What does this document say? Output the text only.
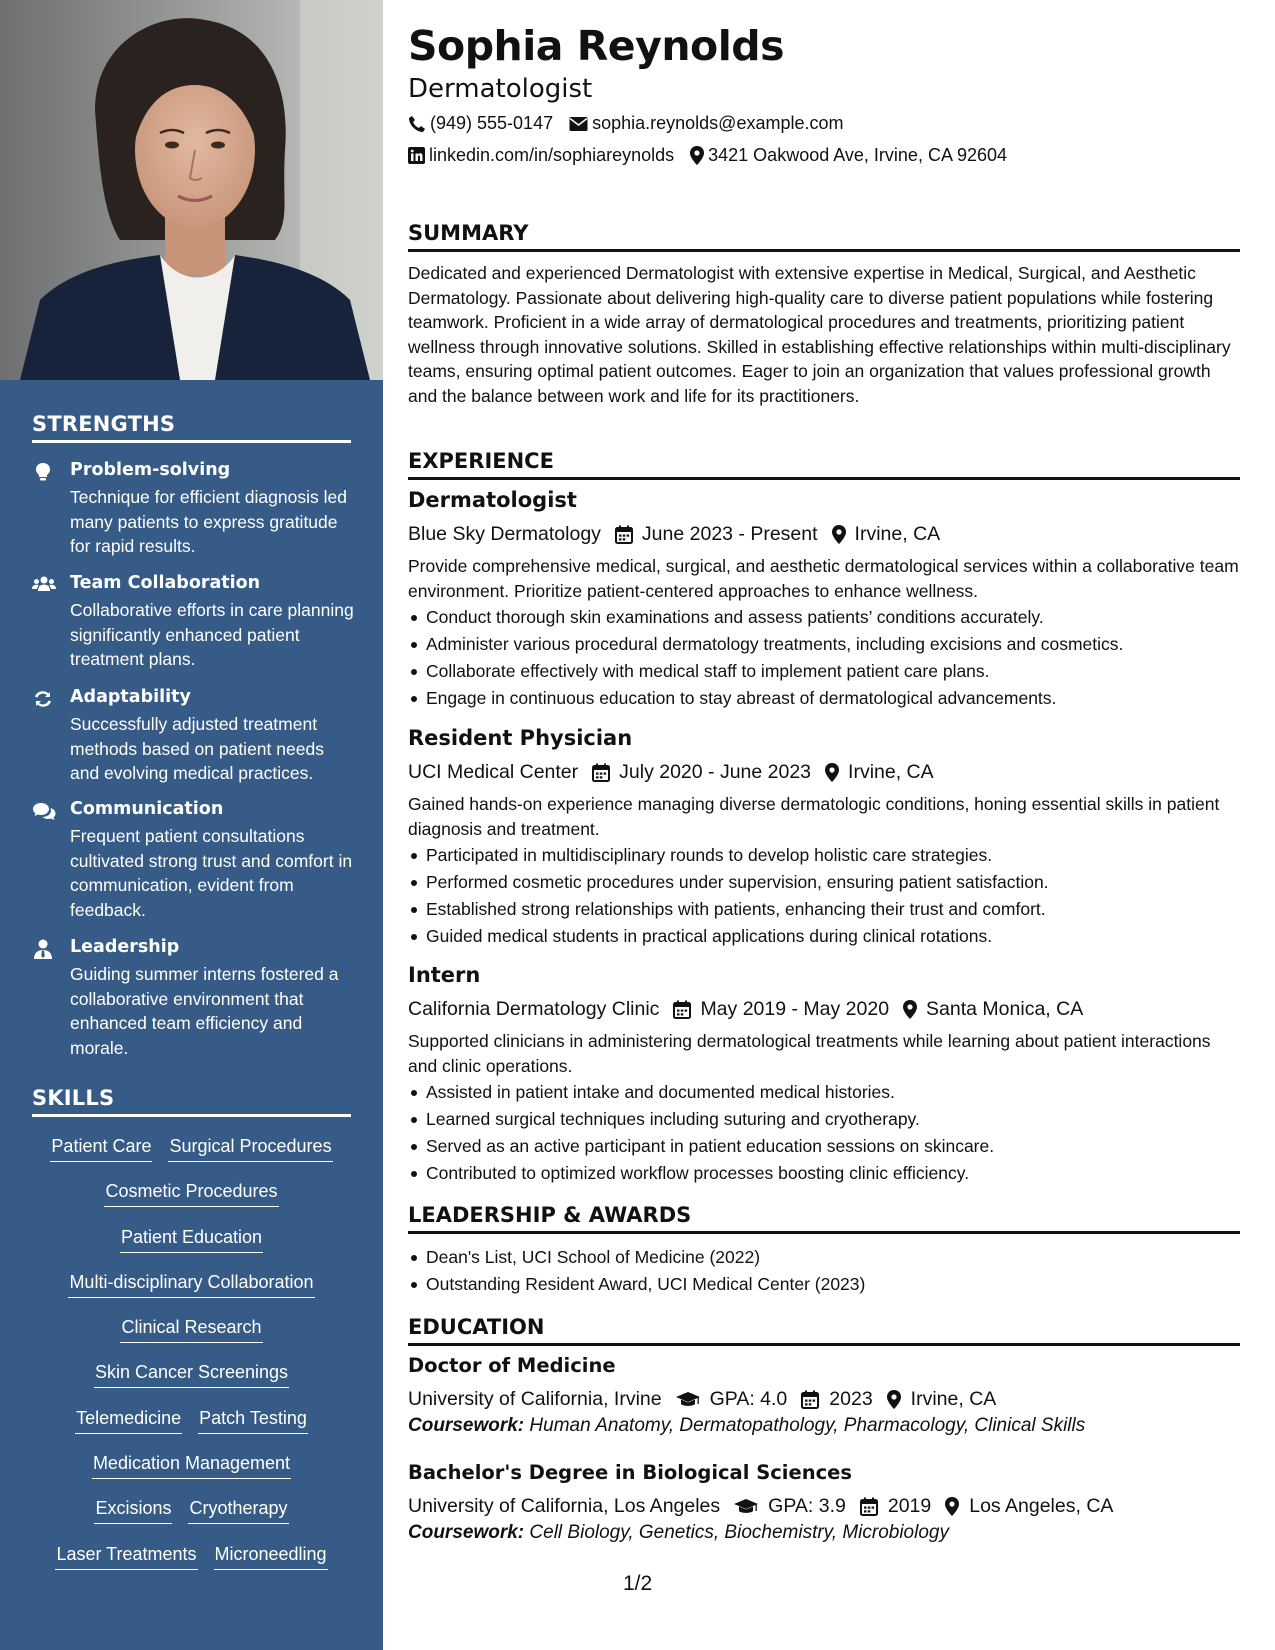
STRENGTHS
Problem-solving
Technique for efficient diagnosis led many patients to express gratitude for rapid results.
Team Collaboration
Collaborative efforts in care planning significantly enhanced patient treatment plans.
Adaptability
Successfully adjusted treatment methods based on patient needs and evolving medical practices.
Communication
Frequent patient consultations cultivated strong trust and comfort in communication, evident from feedback.
Leadership
Guiding summer interns fostered a collaborative environment that enhanced team efficiency and morale.
SKILLS
Patient Care Surgical Procedures
Cosmetic Procedures
Patient Education
Multi-disciplinary Collaboration
Clinical Research
Skin Cancer Screenings
Telemedicine Patch Testing
Medication Management
Excisions Cryotherapy
Laser Treatments Microneedling
Sophia Reynolds
Dermatologist
(949) 555-0147 sophia.reynolds@example.com
linkedin.com/in/sophiareynolds 3421 Oakwood Ave, Irvine, CA 92604
SUMMARY
Dedicated and experienced Dermatologist with extensive expertise in Medical, Surgical, and Aesthetic Dermatology. Passionate about delivering high-quality care to diverse patient populations while fostering teamwork. Proficient in a wide array of dermatological procedures and treatments, prioritizing patient wellness through innovative solutions. Skilled in establishing effective relationships within multi-disciplinary teams, ensuring optimal patient outcomes. Eager to join an organization that values professional growth and the balance between work and life for its practitioners.
EXPERIENCE
Dermatologist
Blue Sky Dermatology June 2023 - Present Irvine, CA
Provide comprehensive medical, surgical, and aesthetic dermatological services within a collaborative team environment. Prioritize patient-centered approaches to enhance wellness.
Conduct thorough skin examinations and assess patients’ conditions accurately.
Administer various procedural dermatology treatments, including excisions and cosmetics.
Collaborate effectively with medical staff to implement patient care plans.
Engage in continuous education to stay abreast of dermatological advancements.
Resident Physician
UCI Medical Center July 2020 - June 2023 Irvine, CA
Gained hands-on experience managing diverse dermatologic conditions, honing essential skills in patient diagnosis and treatment.
Participated in multidisciplinary rounds to develop holistic care strategies.
Performed cosmetic procedures under supervision, ensuring patient satisfaction.
Established strong relationships with patients, enhancing their trust and comfort.
Guided medical students in practical applications during clinical rotations.
Intern
California Dermatology Clinic May 2019 - May 2020 Santa Monica, CA
Supported clinicians in administering dermatological treatments while learning about patient interactions and clinic operations.
Assisted in patient intake and documented medical histories.
Learned surgical techniques including suturing and cryotherapy.
Served as an active participant in patient education sessions on skincare.
Contributed to optimized workflow processes boosting clinic efficiency.
LEADERSHIP & AWARDS
Dean's List, UCI School of Medicine (2022)
Outstanding Resident Award, UCI Medical Center (2023)
EDUCATION
Doctor of Medicine
University of California, Irvine GPA: 4.0 2023 Irvine, CA
Coursework: Human Anatomy, Dermatopathology, Pharmacology, Clinical Skills
Bachelor's Degree in Biological Sciences
University of California, Los Angeles GPA: 3.9 2019 Los Angeles, CA
Coursework: Cell Biology, Genetics, Biochemistry, Microbiology
1/2
